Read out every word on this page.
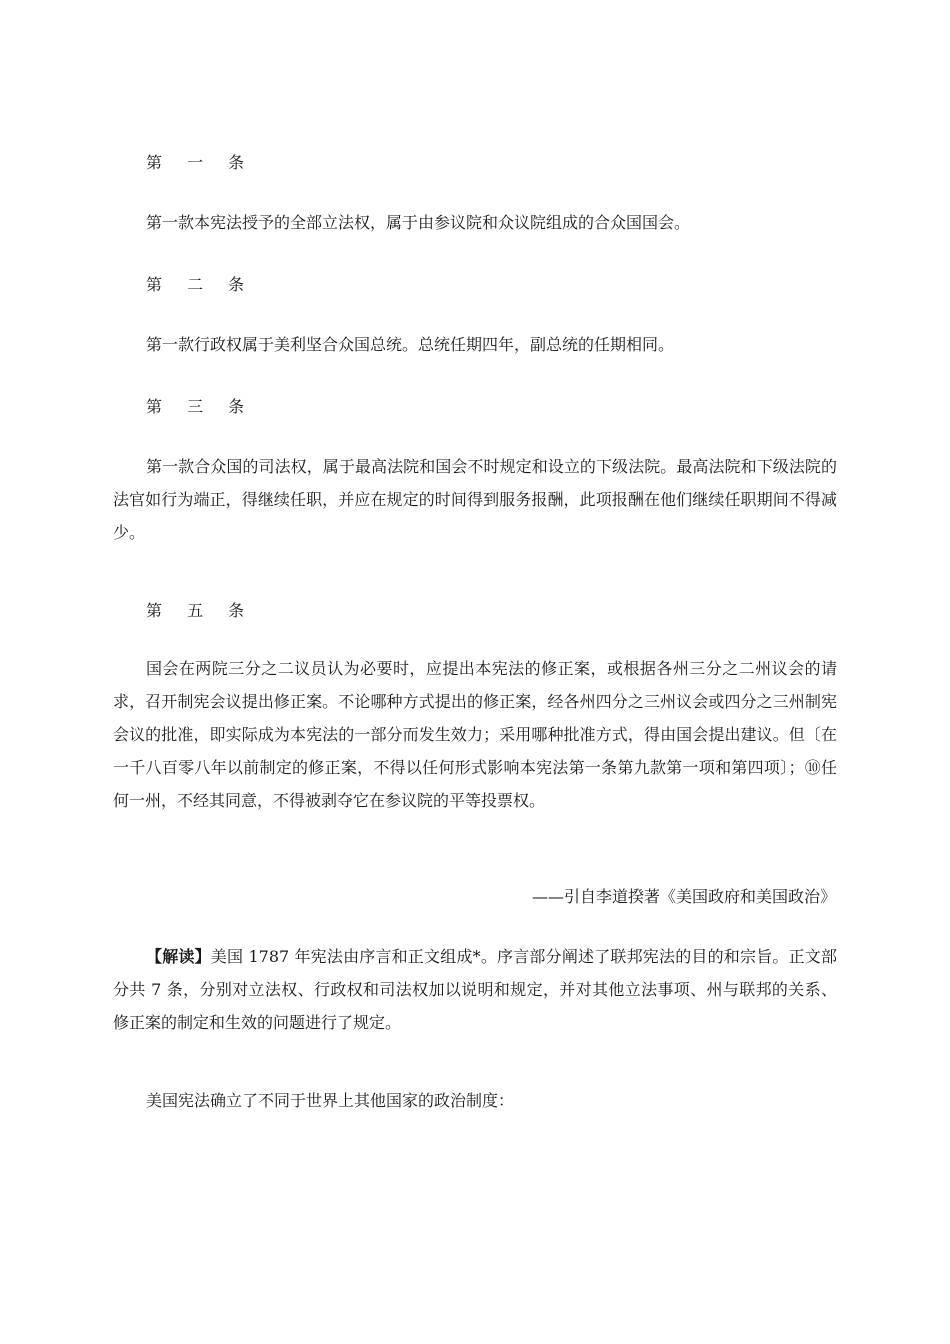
第 一 条
第一款本宪法授予的全部立法权，属于由参议院和众议院组成的合众国国会。
第 二 条
第一款行政权属于美利坚合众国总统。总统任期四年，副总统的任期相同。
第 三 条
第一款合众国的司法权，属于最高法院和国会不时规定和设立的下级法院。最高法院和下级法院的法官如行为端正，得继续任职，并应在规定的时间得到服务报酬，此项报酬在他们继续任职期间不得减少。
第 五 条
国会在两院三分之二议员认为必要时，应提出本宪法的修正案，或根据各州三分之二州议会的请求，召开制宪会议提出修正案。不论哪种方式提出的修正案，经各州四分之三州议会或四分之三州制宪会议的批准，即实际成为本宪法的一部分而发生效力；采用哪种批准方式，得由国会提出建议。但〔在一千八百零八年以前制定的修正案，不得以任何形式影响本宪法第一条第九款第一项和第四项〕；⑩任何一州，不经其同意，不得被剥夺它在参议院的平等投票权。
——引自李道揆著《美国政府和美国政治》
【解读】美国 1787 年宪法由序言和正文组成*。序言部分阐述了联邦宪法的目的和宗旨。正文部分共 7 条，分别对立法权、行政权和司法权加以说明和规定，并对其他立法事项、州与联邦的关系、修正案的制定和生效的问题进行了规定。
美国宪法确立了不同于世界上其他国家的政治制度：
